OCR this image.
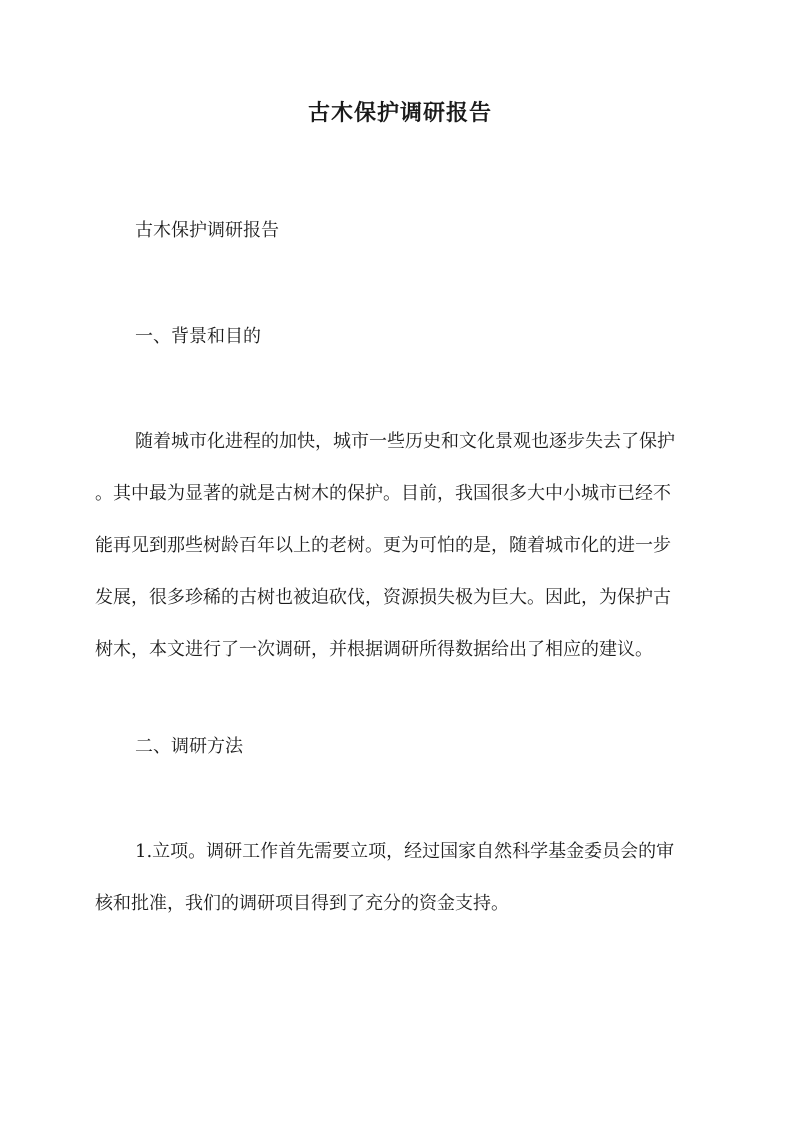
古木保护调研报告
古木保护调研报告
一、背景和目的
随着城市化进程的加快，城市一些历史和文化景观也逐步失去了保护
。其中最为显著的就是古树木的保护。目前，我国很多大中小城市已经不
能再见到那些树龄百年以上的老树。更为可怕的是，随着城市化的进一步
发展，很多珍稀的古树也被迫砍伐，资源损失极为巨大。因此，为保护古
树木，本文进行了一次调研，并根据调研所得数据给出了相应的建议。
二、调研方法
1.立项。调研工作首先需要立项，经过国家自然科学基金委员会的审
核和批准，我们的调研项目得到了充分的资金支持。
